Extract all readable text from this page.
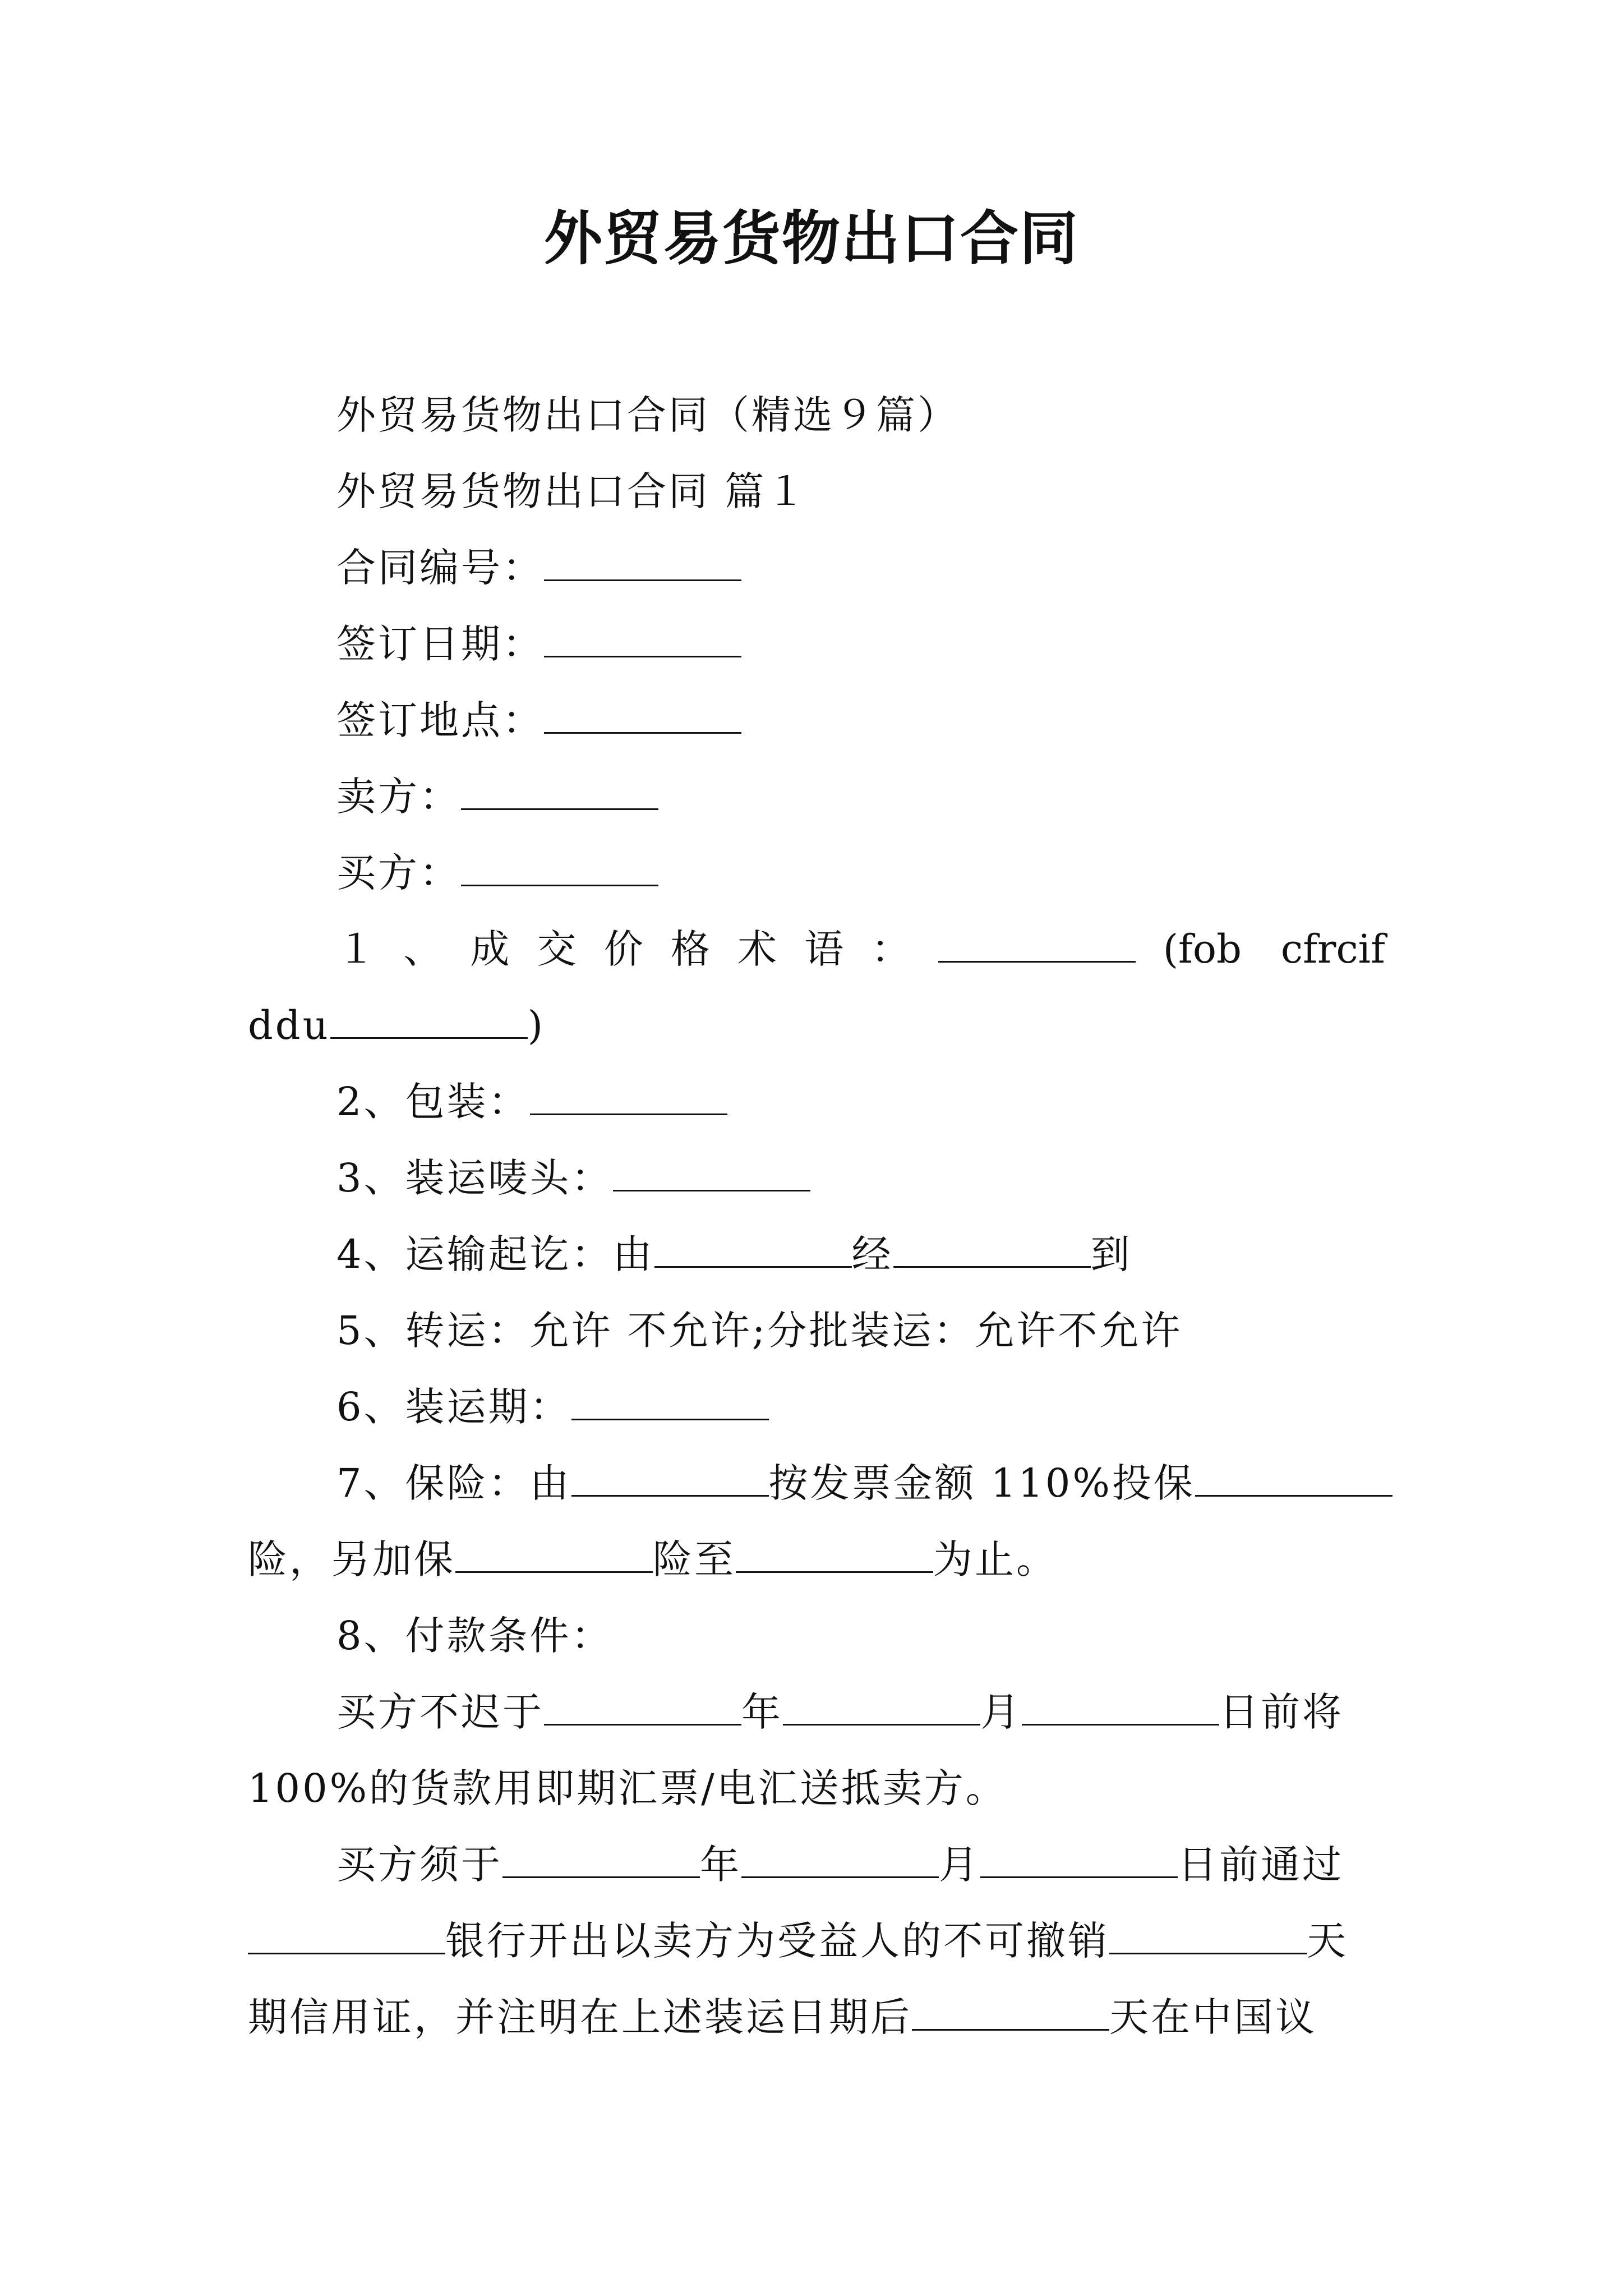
外贸易货物出口合同
外贸易货物出口合同（精选９篇）
外贸易货物出口合同 篇１
合同编号：
签订日期：
签订地点：
卖方：
买方：
１ 、 成 交 价 格 术 语 ：	(fob　cfrcif
ddu	)
2、包装：
3、装运唛头：
4、运输起讫：由	经	到
5、转运：允许 不允许;分批装运：允许不允许
6、装运期：
7、保险：由	按发票金额 110%投保
险，另加保	险至	为止。
8、付款条件：
买方不迟于	年	月	日前将
100%的货款用即期汇票/电汇送抵卖方。
买方须于	年	月	日前通过
银行开出以卖方为受益人的不可撤销	天
期信用证，并注明在上述装运日期后	天在中国议
